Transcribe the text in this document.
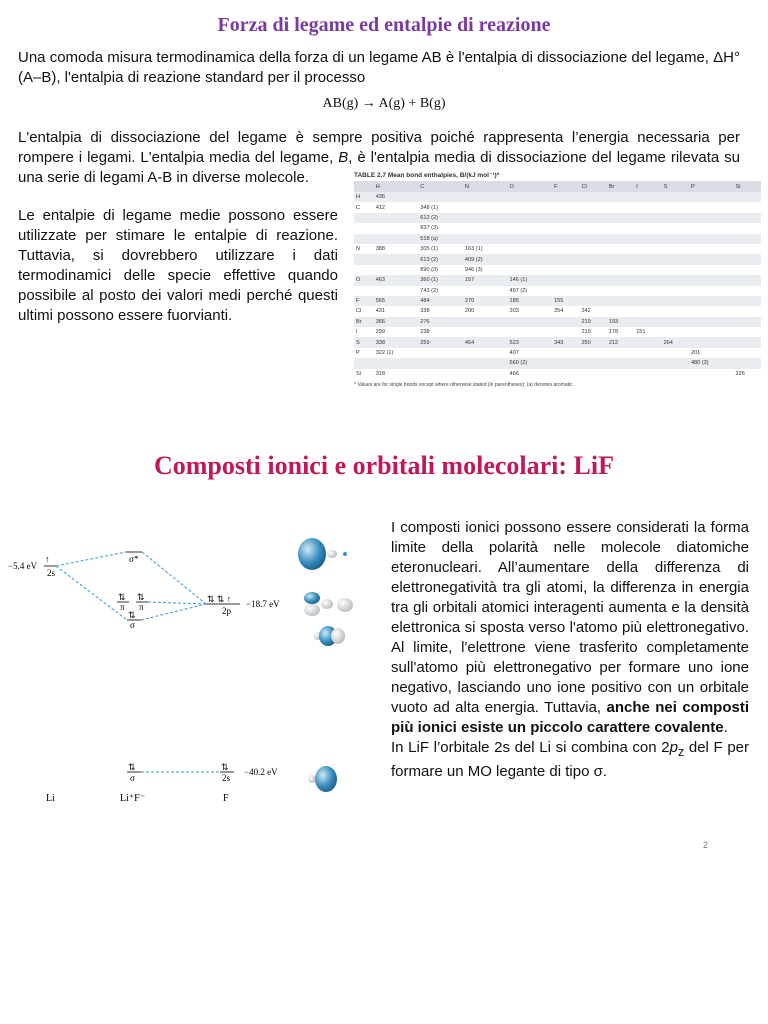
Forza di legame ed entalpie di reazione
Una comoda misura termodinamica della forza di un legame AB è l'entalpia di dissociazione del legame, ΔH° (A–B), l'entalpia di reazione standard per il processo
AB(g) → A(g) + B(g)
L'entalpia di dissociazione del legame è sempre positiva poiché rappresenta l’energia necessaria per rompere i legami. L'entalpia media del legame, B, è l'entalpia media di dissociazione del legame rilevata su una serie di legami A-B in diverse molecole.
Le entalpie di legame medie possono essere utilizzate per stimare le entalpie di reazione. Tuttavia, si dovrebbero utilizzare i dati termodinamici delle specie effettive quando possibile al posto dei valori medi perché questi ultimi possono essere fuorvianti.
TABLE 2.7 Mean bond enthalpies, B/(kJ mol⁻¹)*
	H	C	N	O	F	Cl	Br	I	S	P	Si
H	436										
C	412	348 (1)									
		612 (2)									
		837 (3)									
		518 (a)									
N	388	305 (1)	163 (1)								
		613 (2)	409 (2)								
		890 (3)	946 (3)								
O	463	360 (1)	157	146 (1)							
		743 (2)		497 (2)							
F	565	484	270	185	155						
Cl	431	338	200	203	254	242					
Br	366	276				219	193				
I	299	238				210	178	151			
S	338	259	464	523	343	250	212		264		
P	322 (1)			407						201	
				560 (2)						480 (3)	
Si	318			466							226
* Values are for single bonds except where otherwise stated (in parentheses); (a) denotes aromatic.
Composti ionici e orbitali molecolari: LiF
−5.4 eV
↑
2s
σ*
⇅ ⇅
π π
⇅
σ
⇅ ⇅ ↑
2p
−18.7 eV
⇅
σ
⇅
2s
−40.2 eV
Li	Li⁺F⁻	F
I composti ionici possono essere considerati la forma limite della polarità nelle molecole diatomiche eteronucleari. All’aumentare della differenza di elettronegatività tra gli atomi, la differenza in energia tra gli orbitali atomici interagenti aumenta e la densità elettronica si sposta verso l'atomo più elettronegativo. Al limite, l'elettrone viene trasferito completamente sull'atomo più elettronegativo per formare uno ione negativo, lasciando uno ione positivo con un orbitale vuoto ad alta energia. Tuttavia, anche nei composti più ionici esiste un piccolo carattere covalente.
In LiF l’orbitale 2s del Li si combina con $2p_z$ del F per formare un MO legante di tipo σ.
2
